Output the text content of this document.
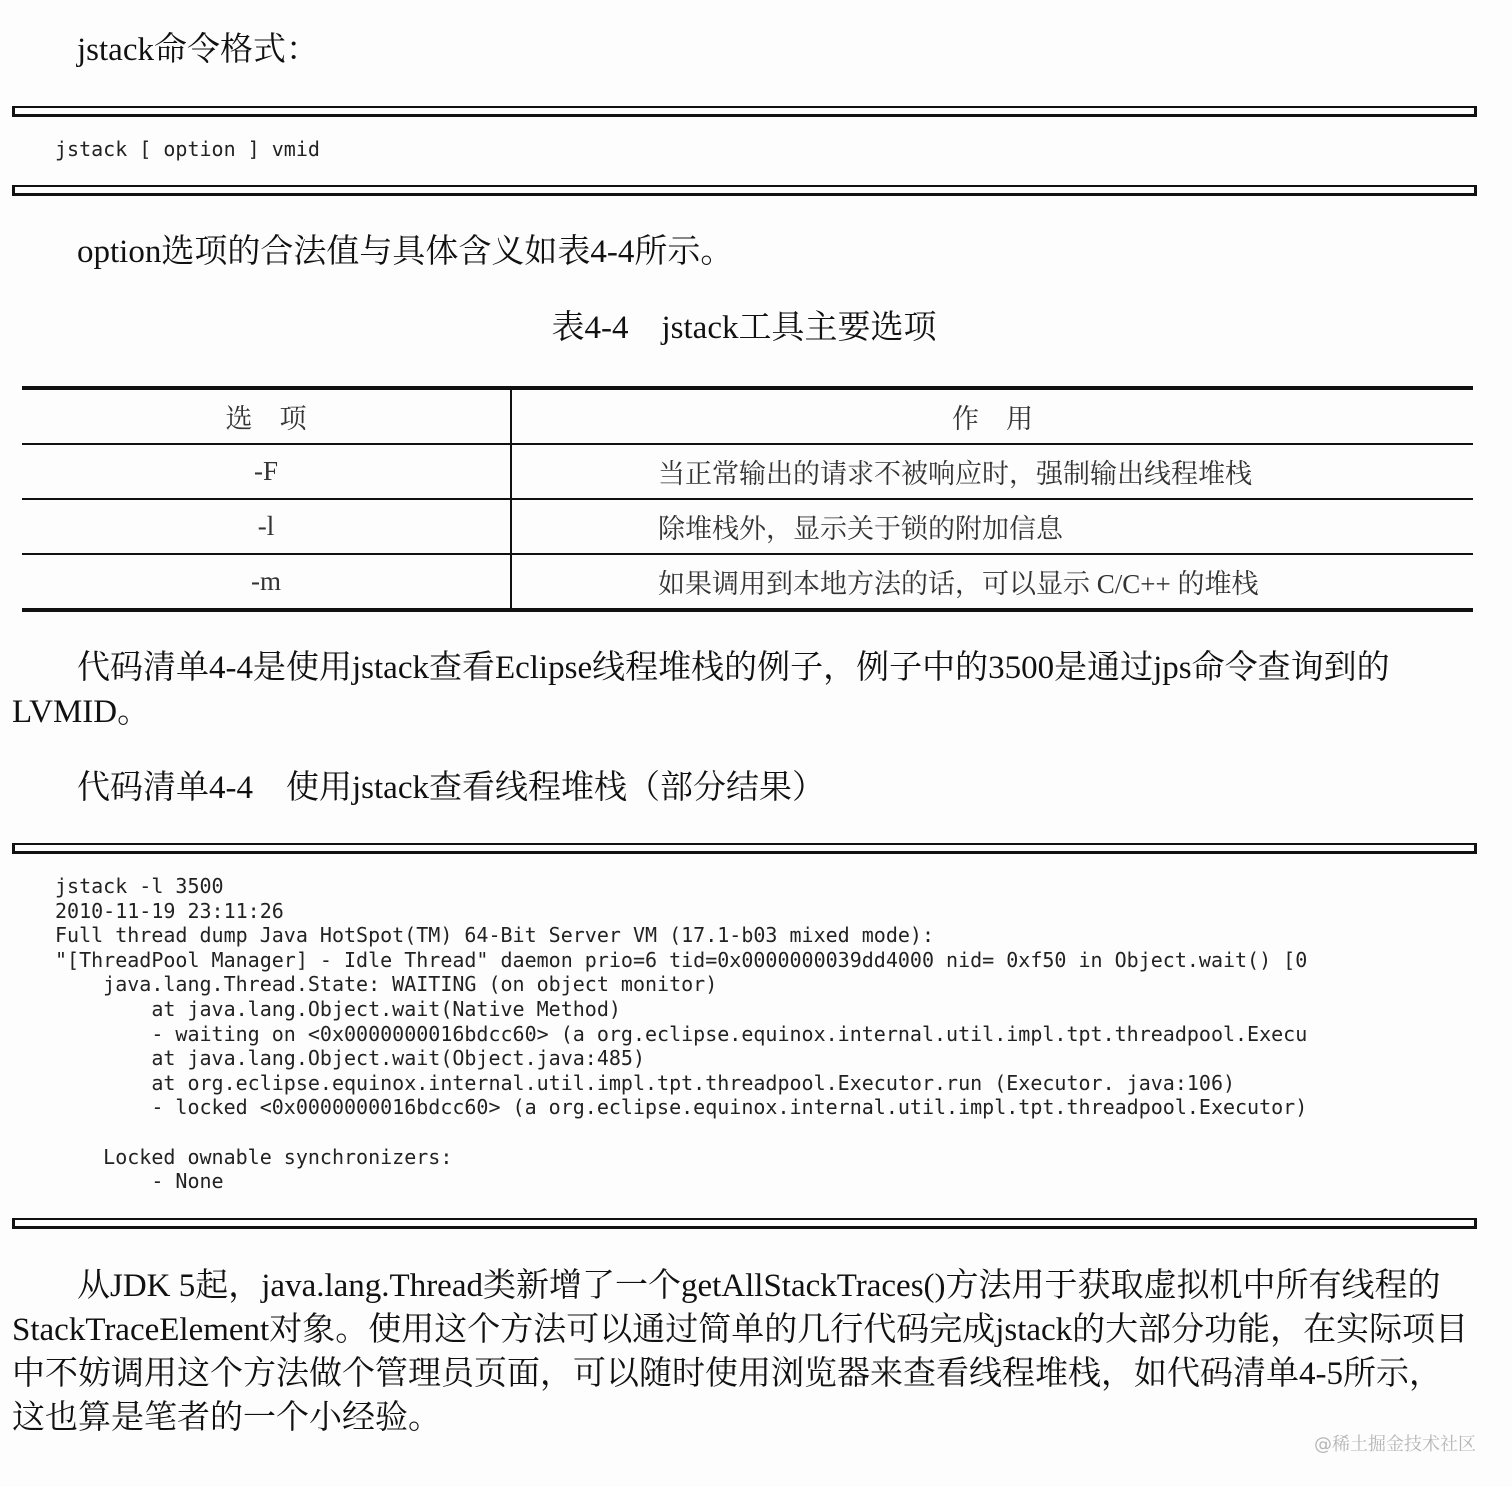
jstack命令格式：
jstack [ option ] vmid
option选项的合法值与具体含义如表4-4所示。
表4-4　jstack工具主要选项
选　项	作　用
-F	当正常输出的请求不被响应时，强制输出线程堆栈
-l	除堆栈外，显示关于锁的附加信息
-m	如果调用到本地方法的话，可以显示 C/C++ 的堆栈
代码清单4-4是使用jstack查看Eclipse线程堆栈的例子，例子中的3500是通过jps命令查询到的LVMID。
代码清单4-4　使用jstack查看线程堆栈（部分结果）
jstack -l 3500
2010-11-19 23:11:26
Full thread dump Java HotSpot(TM) 64-Bit Server VM (17.1-b03 mixed mode):
"[ThreadPool Manager] - Idle Thread" daemon prio=6 tid=0x0000000039dd4000 nid= 0xf50 in Object.wait() [0
java.lang.Thread.State: WAITING (on object monitor)
at java.lang.Object.wait(Native Method)
- waiting on <0x0000000016bdcc60> (a org.eclipse.equinox.internal.util.impl.tpt.threadpool.Execu
at java.lang.Object.wait(Object.java:485)
at org.eclipse.equinox.internal.util.impl.tpt.threadpool.Executor.run (Executor. java:106)
- locked <0x0000000016bdcc60> (a org.eclipse.equinox.internal.util.impl.tpt.threadpool.Executor)
Locked ownable synchronizers:
- None
从JDK 5起，java.lang.Thread类新增了一个getAllStackTraces()方法用于获取虚拟机中所有线程的StackTraceElement对象。使用这个方法可以通过简单的几行代码完成jstack的大部分功能，在实际项目中不妨调用这个方法做个管理员页面，可以随时使用浏览器来查看线程堆栈，如代码清单4-5所示，这也算是笔者的一个小经验。
@稀土掘金技术社区
